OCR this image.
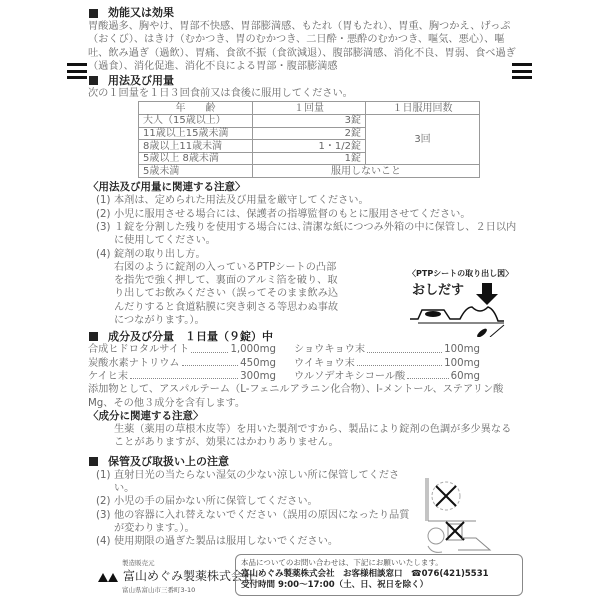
効能又は効果
胃酸過多、胸やけ、胃部不快感、胃部膨満感、もたれ（胃もたれ）、胃重、胸つかえ、げっぷ（おくび）、はきけ（むかつき、胃のむかつき、二日酔・悪酔のむかつき、嘔気、悪心）、嘔吐、飲み過ぎ（過飲）、胃痛、食欲不振（食欲減退）、腹部膨満感、消化不良、胃弱、食べ過ぎ（過食）、消化促進、消化不良による胃部・腹部膨満感
用法及び用量
次の１回量を１日３回食前又は食後に服用してください。
年　　齢	１回量	１日服用回数
大人（15歳以上）	3錠	3回
11歳以上15歳未満	2錠	
8歳以上11歳未満	1・1/2錠	
5歳以上 8歳未満	1錠	
5歳未満	服用しないこと	
〈用法及び用量に関連する注意〉
(1) 本剤は、定められた用法及び用量を厳守してください。
(2) 小児に服用させる場合には、保護者の指導監督のもとに服用させてください。
(3) １錠を分割した残りを使用する場合には､清潔な紙につつみ外箱の中に保管し、２日以内に使用してください。
(4) 錠剤の取り出し方。
右図のように錠剤の入っているPTPシートの凸部を指先で強く押して、裏面のアルミ箔を破り、取り出してお飲みください（誤ってそのまま飲み込んだりすると食道粘膜に突き刺さる等思わぬ事故につながります。）。
〈PTPシートの取り出し図〉
おしだす
成分及び分量　１日量（９錠）中
合成ヒドロタルサイト	1,000mg ショウキョウ末	100mg
炭酸水素ナトリウム	450mg ウイキョウ末	100mg
ケイヒ末	300mg ウルソデオキシコール酸	60mg
添加物として、アスパルテーム（L-フェニルアラニン化合物）、l-メントール、ステアリン酸Mg、その他３成分を含有します。
〈成分に関連する注意〉
生薬（薬用の草根木皮等）を用いた製剤ですから、製品により錠剤の色調が多少異なることがありますが、効果にはかわりありません。
保管及び取扱い上の注意
(1) 直射日光の当たらない湿気の少ない涼しい所に保管してください。
(2) 小児の手の届かない所に保管してください。
(3) 他の容器に入れ替えないでください（誤用の原因になったり品質が変わります。）。
(4) 使用期限の過ぎた製品は服用しないでください。
製造販売元
富山めぐみ製薬株式会社
富山県富山市三番町3-10
本品についてのお問い合わせは、下記にお願いいたします。
富山めぐみ製薬株式会社　お客様相談窓口　 ☎076(421)5531
受付時間 9:00～17:00（土、日、祝日を除く）
